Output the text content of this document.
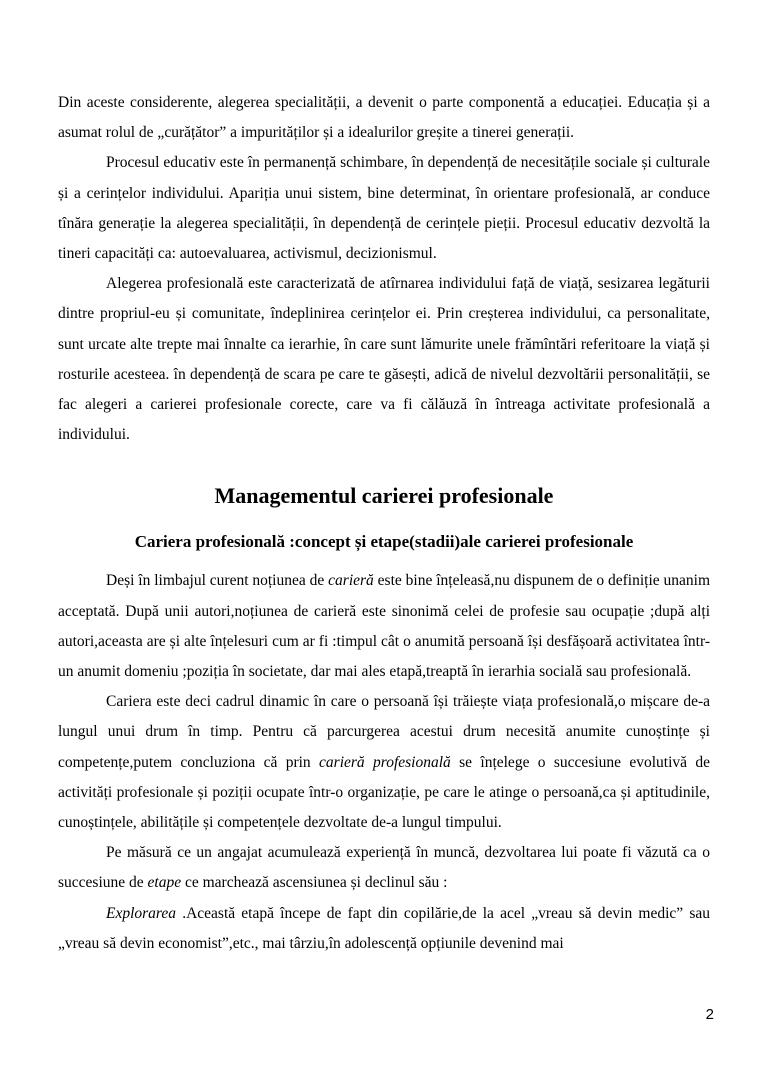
Din aceste considerente, alegerea specialității, a devenit o parte componentă a educației. Educația și a asumat rolul de „curățător” a impurităților și a idealurilor greșite a tinerei generații.

Procesul educativ este în permanență schimbare, în dependență de necesitățile sociale și culturale și a cerințelor individului. Apariția unui sistem, bine determinat, în orientare profesională, ar conduce tînăra generație la alegerea specialității, în dependență de cerințele pieții. Procesul educativ dezvoltă la tineri capacități ca: autoevaluarea, activismul, decizionismul.

Alegerea profesională este caracterizată de atîrnarea individului față de viață, sesizarea legăturii dintre propriul-eu și comunitate, îndeplinirea cerințelor ei. Prin creșterea individului, ca personalitate, sunt urcate alte trepte mai înnalte ca ierarhie, în care sunt lămurite unele frămîntări referitoare la viață și rosturile acesteea. în dependență de scara pe care te găsești, adică de nivelul dezvoltării personalității, se fac alegeri a carierei profesionale corecte, care va fi călăuză în întreaga activitate profesională a individului.

Managementul carierei profesionale
Cariera profesională :concept și etape(stadii)ale carierei profesionale

Deși în limbajul curent noțiunea de carieră este bine înțeleasă,nu dispunem de o definiție unanim acceptată. După unii autori,noțiunea de carieră este sinonimă celei de profesie sau ocupație ;după alți autori,aceasta are și alte înțelesuri cum ar fi :timpul cât o anumită persoană își desfășoară activitatea într-un anumit domeniu ;poziția în societate, dar mai ales etapă,treaptă în ierarhia socială sau profesională.

Cariera este deci cadrul dinamic în care o persoană își trăiește viața profesională,o mișcare de-a lungul unui drum în timp. Pentru că parcurgerea acestui drum necesită anumite cunoștințe și competențe,putem concluziona că prin carieră profesională se înțelege o succesiune evolutivă de activități profesionale și poziții ocupate într-o organizație, pe care le atinge o persoană,ca și aptitudinile, cunoștințele, abilitățile și competențele dezvoltate de-a lungul timpului.

Pe măsură ce un angajat acumulează experiență în muncă, dezvoltarea lui poate fi văzută ca o succesiune de etape ce marchează ascensiunea și declinul său :

Explorarea .Această etapă începe de fapt din copilărie,de la acel „vreau să devin medic” sau „vreau să devin economist”,etc., mai târziu,în adolescență opțiunile devenind mai

2
